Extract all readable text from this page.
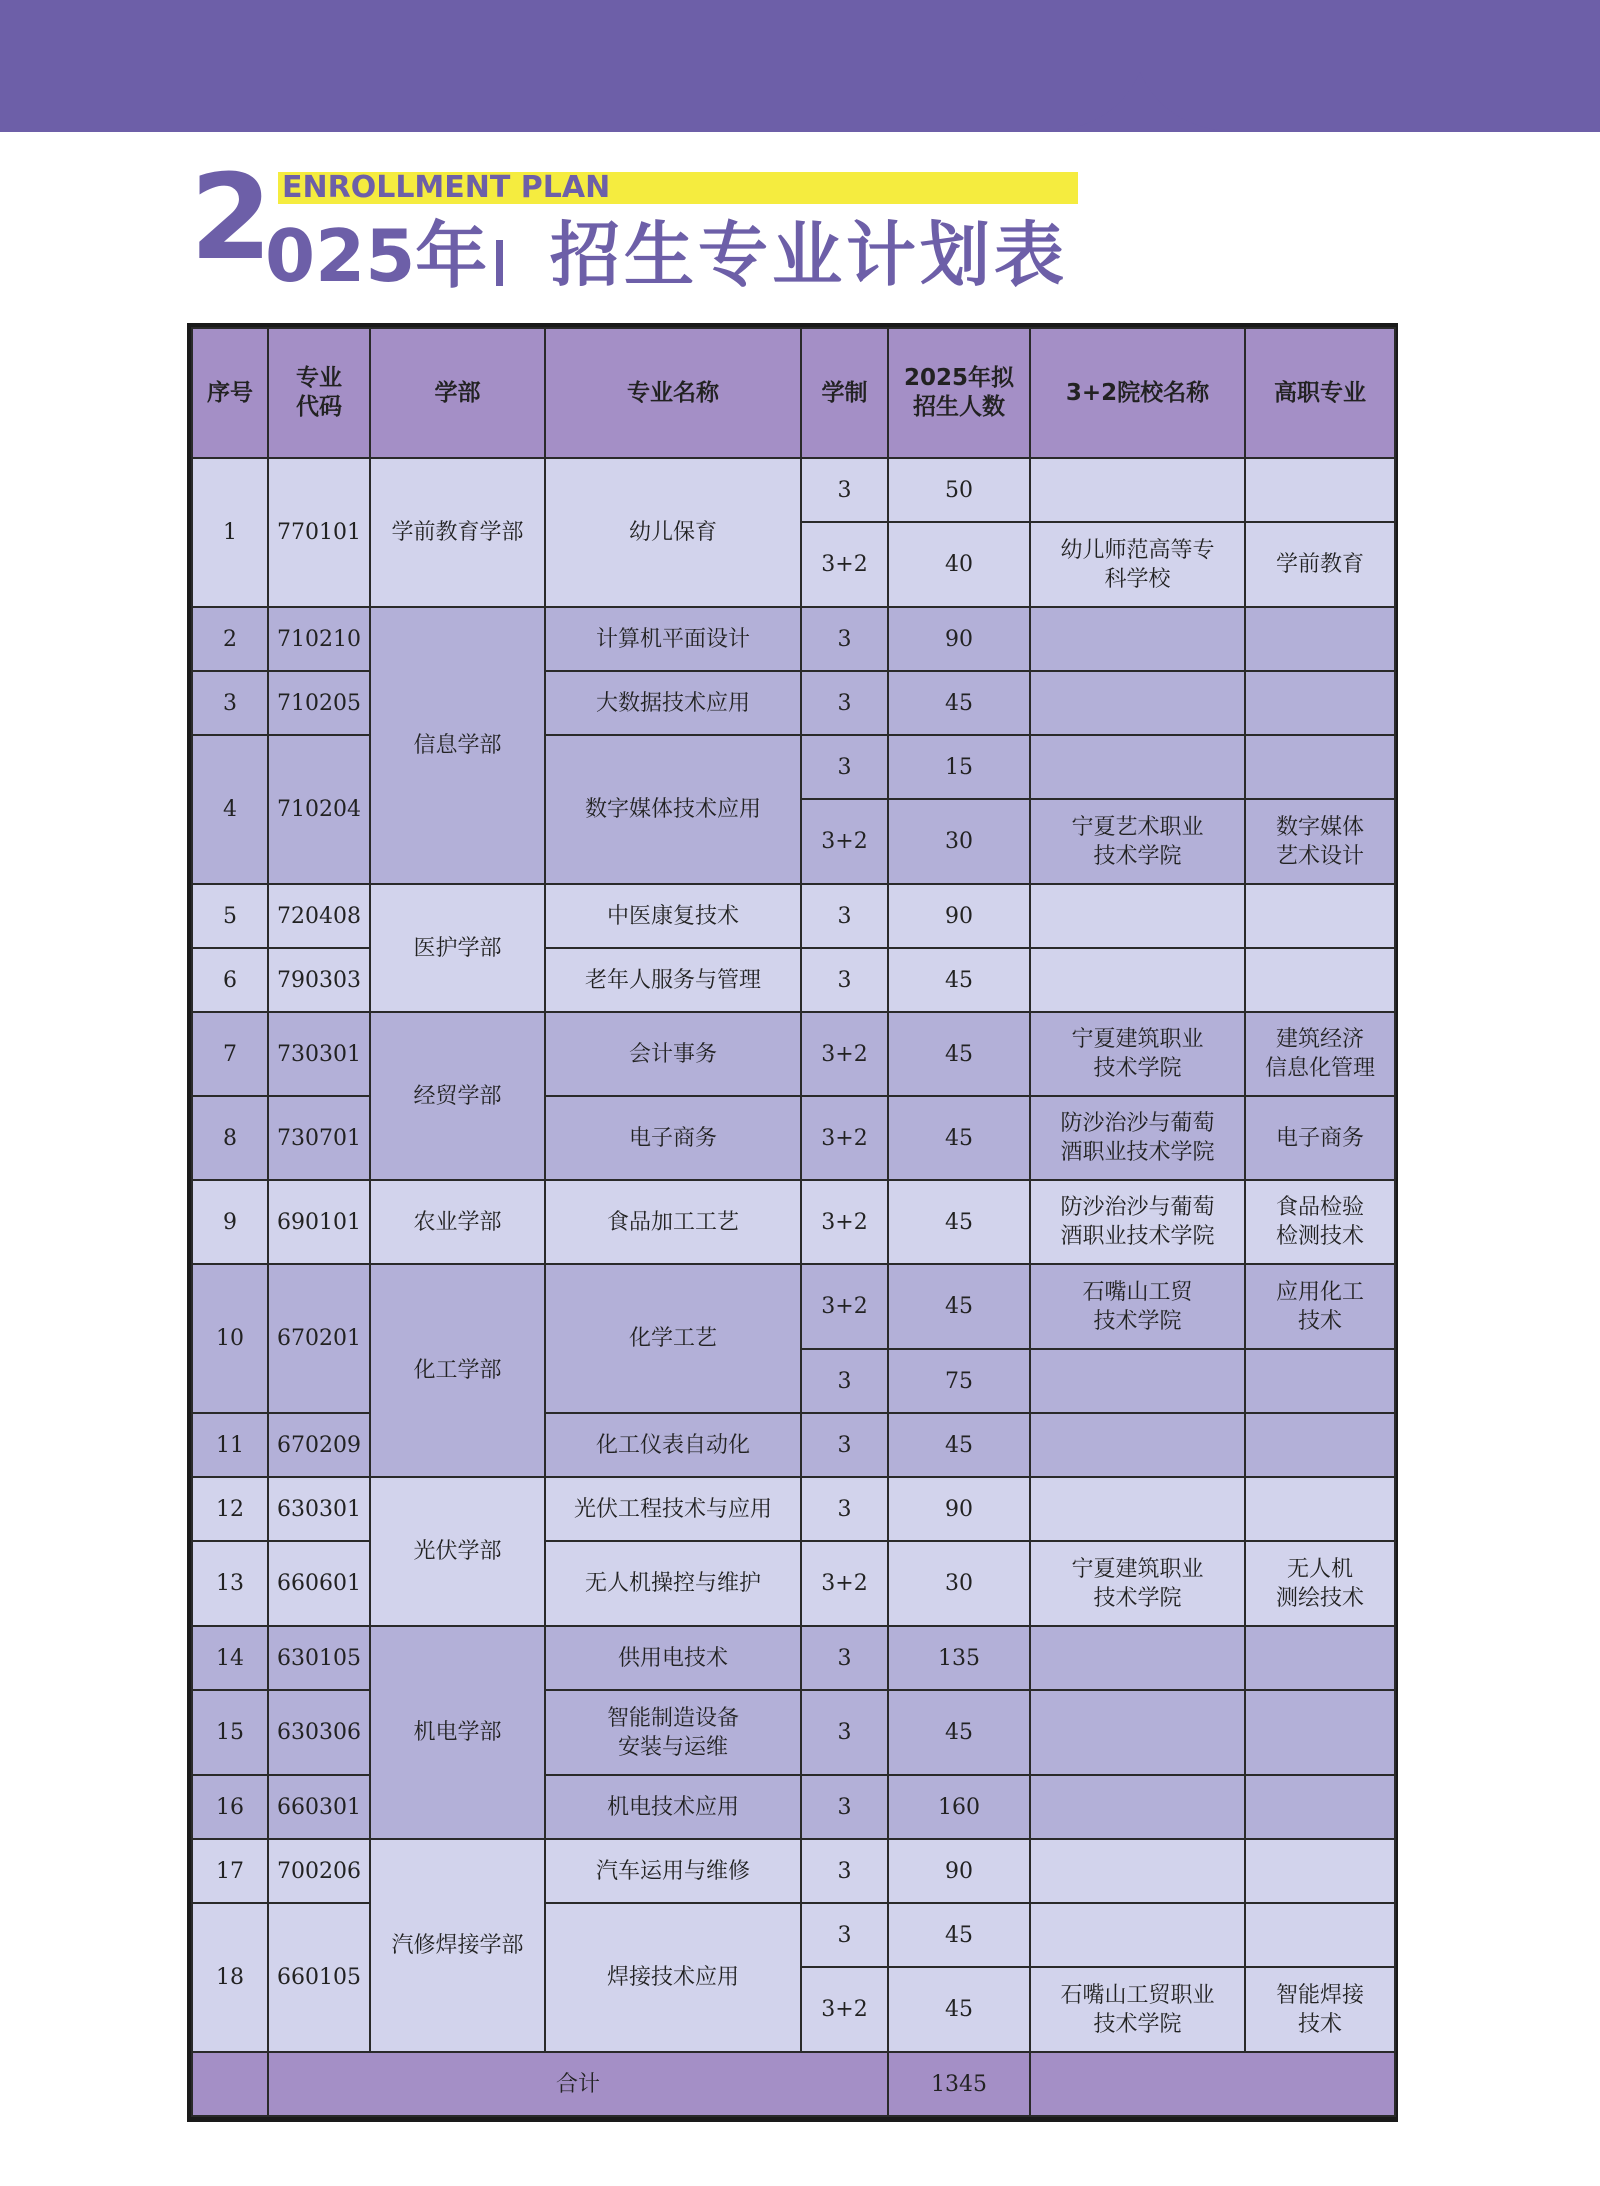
ENROLLMENT PLAN
2
025年 招生专业计划表
序号	专业
代码	学部	专业名称	学制	2025年拟
招生人数	3+2院校名称	高职专业
1	770101	学前教育学部	幼儿保育	3	50	

				3+2	40	幼儿师范高等专
科学校	学前教育

2	710210	信息学部	计算机平面设计	3	90		
3	710205		大数据技术应用	3	45		
4	710204		数字媒体技术应用	3	15	

				3+2	30	宁夏艺术职业
技术学院	数字媒体
艺术设计

5	720408	医护学部	中医康复技术	3	90		
6	790303		老年人服务与管理	3	45		
7	730301	经贸学部	会计事务	3+2	45	宁夏建筑职业
技术学院	建筑经济
信息化管理

8	730701		电子商务	3+2	45	防沙治沙与葡萄
酒职业技术学院	电子商务

9	690101	农业学部	食品加工工艺	3+2	45	防沙治沙与葡萄
酒职业技术学院	食品检验
检测技术

10	670201	化工学部	化学工艺	3+2	45	石嘴山工贸
技术学院	应用化工
技术

				3	75		
11	670209		化工仪表自动化	3	45		
12	630301	光伏学部	光伏工程技术与应用	3	90		
13	660601		无人机操控与维护	3+2	30	宁夏建筑职业
技术学院	无人机
测绘技术

14	630105	机电学部	供用电技术	3	135		
15	630306		智能制造设备
安装与运维	3	45		
16	660301		机电技术应用	3	160		
17	700206	汽修焊接学部	汽车运用与维修	3	90		
18	660105		焊接技术应用	3	45	

				3+2	45	石嘴山工贸职业
技术学院	智能焊接
技术

	合计				1345		
